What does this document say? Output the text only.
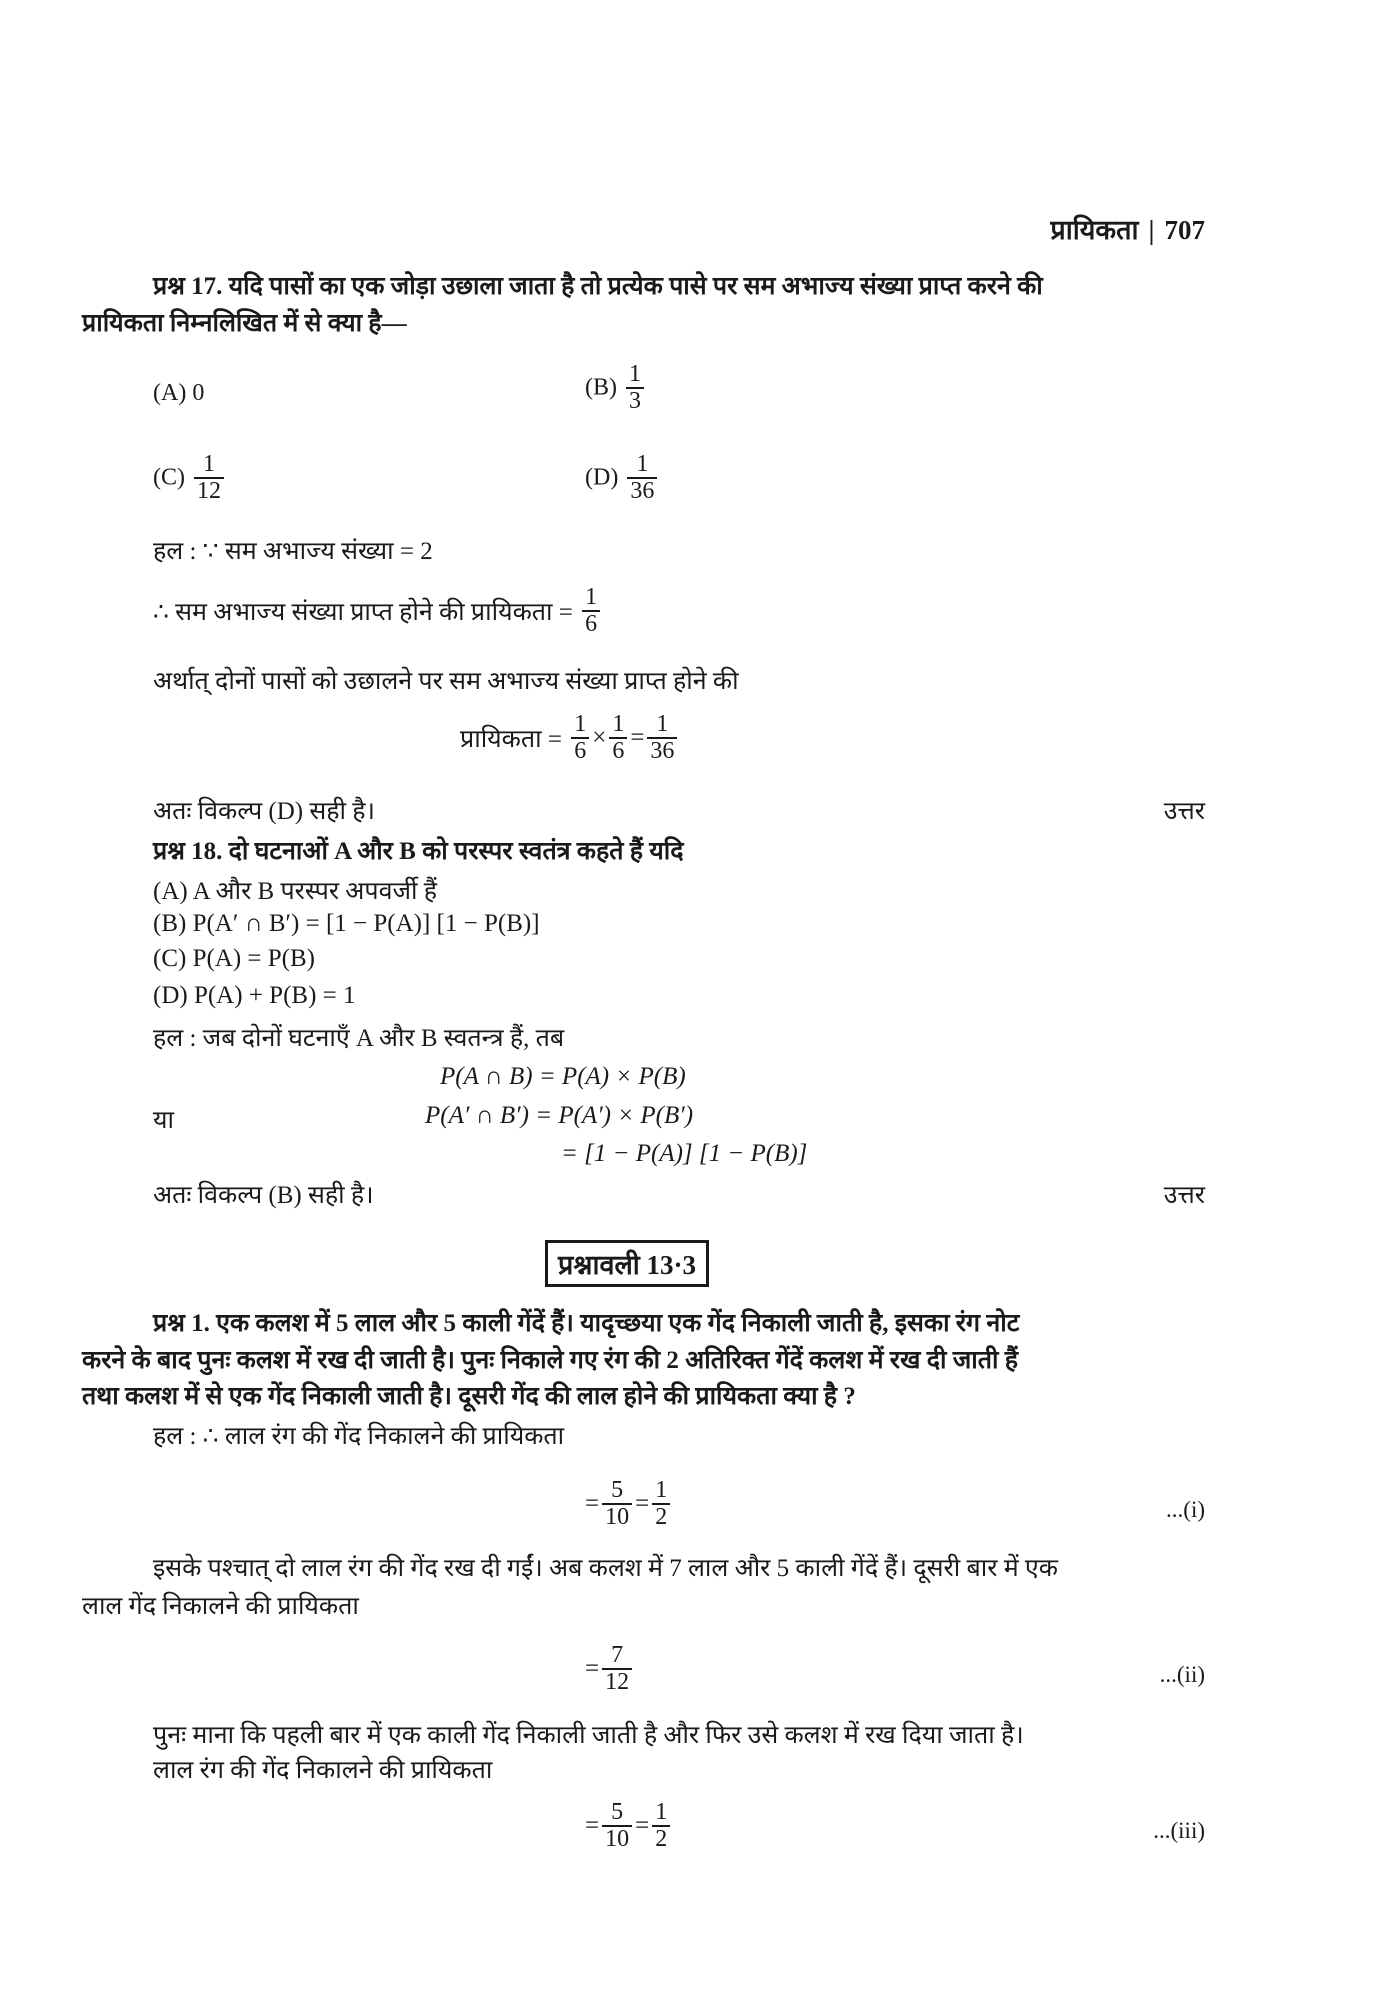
प्रायिकता | 707
प्रश्न 17. यदि पासों का एक जोड़ा उछाला जाता है तो प्रत्येक पासे पर सम अभाज्य संख्या प्राप्त करने की
प्रायिकता निम्नलिखित में से क्या है—
(A) 0	$(B) \frac{1}{3}$
$(C) \frac{1}{12}$	$(D) \frac{1}{36}$
हल : ∵ सम अभाज्य संख्या = 2
∴ सम अभाज्य संख्या प्राप्त होने की प्रायिकता = $\frac{1}{6}$
अर्थात् दोनों पासों को उछालने पर सम अभाज्य संख्या प्राप्त होने की
प्रायिकता = $\frac{1}{6} \times \frac{1}{6} = \frac{1}{36}$
अतः विकल्प (D) सही है।	उत्तर
प्रश्न 18. दो घटनाओं A और B को परस्पर स्वतंत्र कहते हैं यदि
(A) A और B परस्पर अपवर्जी हैं
(B) P(A′ ∩ B′) = [1 − P(A)] [1 − P(B)]
(C) P(A) = P(B)
(D) P(A) + P(B) = 1
हल : जब दोनों घटनाएँ A और B स्वतन्त्र हैं, तब
P(A ∩ B) = P(A) × P(B)
या	P(A′ ∩ B′) = P(A′) × P(B′)
= [1 − P(A)] [1 − P(B)]
अतः विकल्प (B) सही है।	उत्तर
प्रश्नावली 13·3
प्रश्न 1. एक कलश में 5 लाल और 5 काली गेंदें हैं। यादृच्छया एक गेंद निकाली जाती है, इसका रंग नोट
करने के बाद पुनः कलश में रख दी जाती है। पुनः निकाले गए रंग की 2 अतिरिक्त गेंदें कलश में रख दी जाती हैं
तथा कलश में से एक गेंद निकाली जाती है। दूसरी गेंद की लाल होने की प्रायिकता क्या है ?
हल : ∴ लाल रंग की गेंद निकालने की प्रायिकता
= $\frac{5}{10} = \frac{1}{2}$	...(i)
इसके पश्चात् दो लाल रंग की गेंद रख दी गईं। अब कलश में 7 लाल और 5 काली गेंदें हैं। दूसरी बार में एक
लाल गेंद निकालने की प्रायिकता
= $\frac{7}{12}$	...(ii)
पुनः माना कि पहली बार में एक काली गेंद निकाली जाती है और फिर उसे कलश में रख दिया जाता है।
लाल रंग की गेंद निकालने की प्रायिकता
= $\frac{5}{10} = \frac{1}{2}$	...(iii)
